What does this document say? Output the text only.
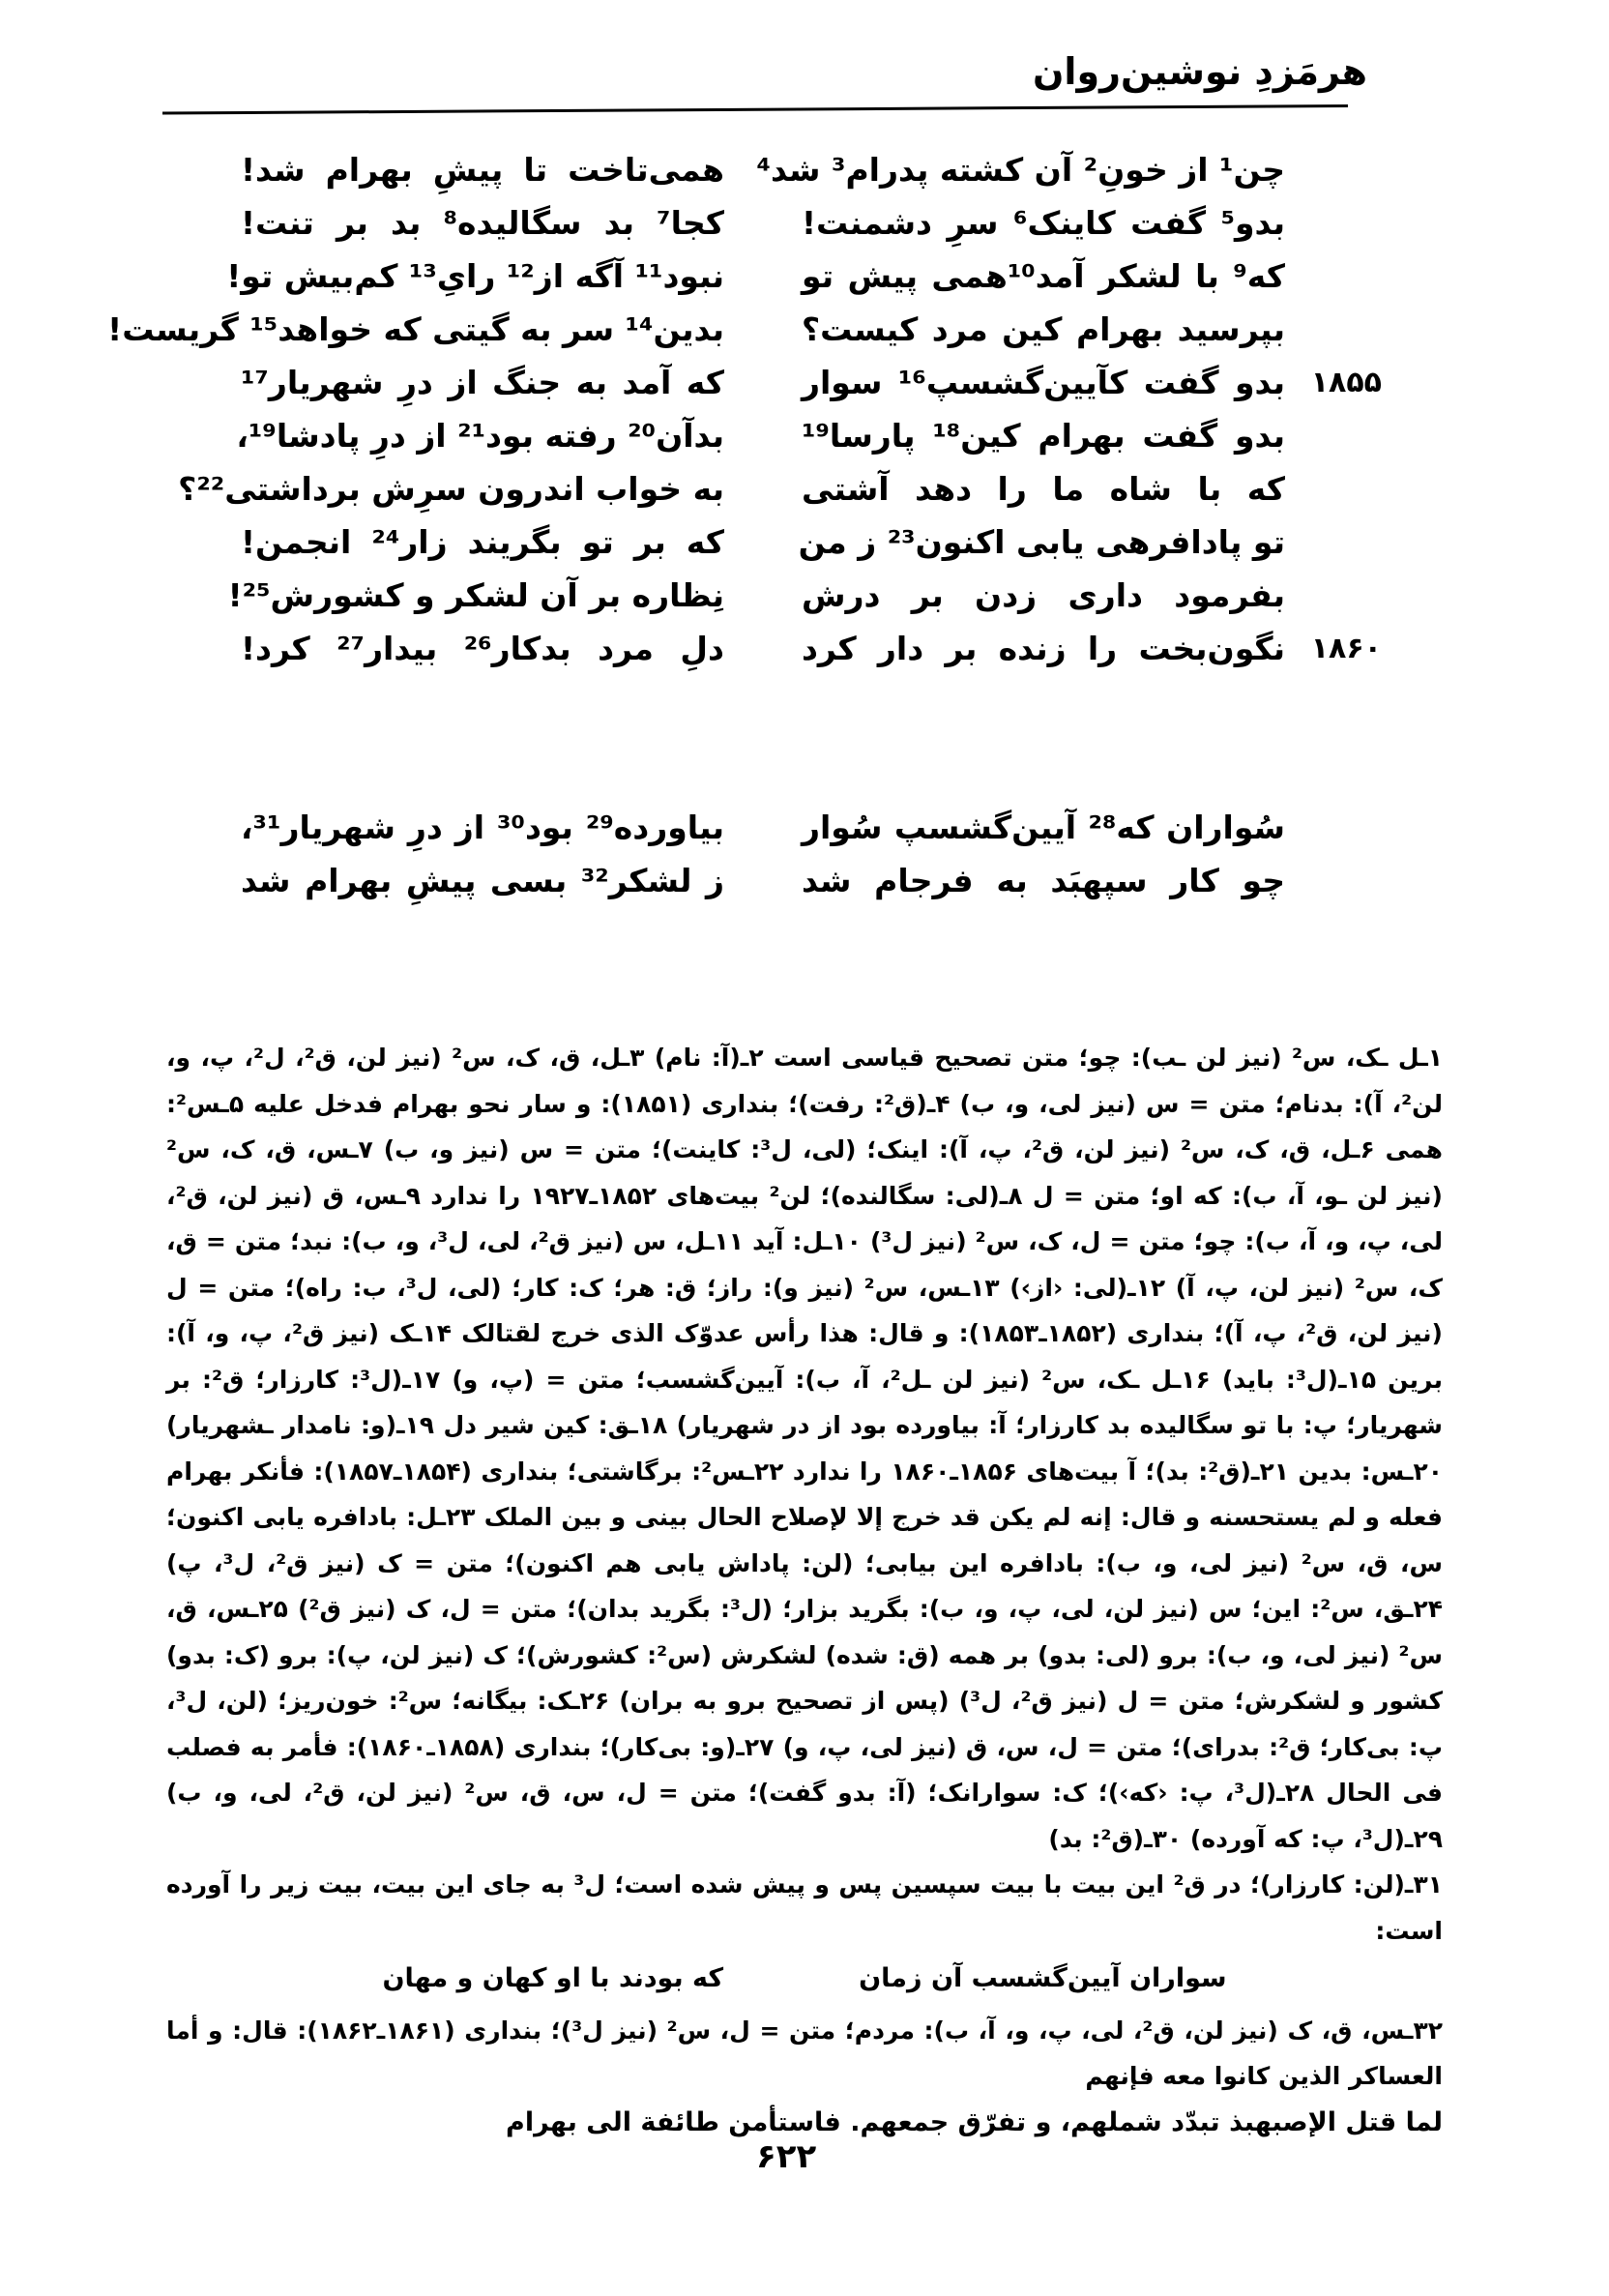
هرمَزدِ نوشین‌روان
چن¹ از خونِ² آن کشته پدرام³ شد⁴
بدو⁵ گفت کاینک⁶ سرِ دشمنت!
که⁹ با لشکر آمد¹⁰همی پیش تو
بپرسید بهرام کین مرد کیست؟
۱۸۵۵
بدو گفت کآیین‌گشسپ¹⁶ سوار
بدو گفت بهرام کین¹⁸ پارسا¹⁹
که با شاه ما را دهد آشتی
تو پادافرهی یابی اکنون²³ ز من
بفرمود داری زدن بر درش
۱۸۶۰
نگون‌بخت را زنده بر دار کرد
همی‌تاخت تا پیشِ بهرام شد!
کجا⁷ بد سگالیده⁸ بد بر تنت!
نبود¹¹ آگه از¹² رایِ¹³ کم‌بیش تو!
بدین¹⁴ سر به گیتی که خواهد¹⁵ گریست!
که آمد به جنگ از درِ شهریار¹⁷
بدآن²⁰ رفته بود²¹ از درِ پادشا¹⁹،
به خواب اندرون سرِش برداشتی²²؟
که بر تو بگریند زار²⁴ انجمن!
نِظاره بر آن لشکر و کشورش²⁵!
دلِ مرد بدکار²⁶ بیدار²⁷ کرد!
سُواران که²⁸ آیین‌گشسپ سُوار
چو کار سپهبَد به فرجام شد
بیاورده²⁹ بود³⁰ از درِ شهریار³¹،
ز لشکر³² بسی پیشِ بهرام شد

۱ـل ـک، س² (نیز لن ـب): چو؛ متن تصحیح قیاسی است ۲ـ(آ: نام) ۳ـل، ق، ک، س² (نیز لن، ق²، ل²، پ، و، لن²، آ): بدنام؛ متن = س (نیز لی، و، ب) ۴ـ(ق²: رفت)؛ بنداری (۱۸۵۱): و سار نحو بهرام فدخل علیه ۵ـس²: همی ۶ـل، ق، ک، س² (نیز لن، ق²، پ، آ): اینک؛ (لی، ل³: کاینت)؛ متن = س (نیز و، ب) ۷ـس، ق، ک، س² (نیز لن ـو، آ، ب): که او؛ متن = ل ۸ـ(لی: سگالنده)؛ لن² بیت‌های ۱۸۵۲ـ۱۹۲۷ را ندارد ۹ـس، ق (نیز لن، ق²، لی، پ، و، آ، ب): چو؛ متن = ل، ک، س² (نیز ل³) ۱۰ـل: آید ۱۱ـل، س (نیز ق²، لی، ل³، و، ب): نبد؛ متن = ق، ک، س² (نیز لن، پ، آ) ۱۲ـ(لی: ‹از›) ۱۳ـس، س² (نیز و): راز؛ ق: هر؛ ک: کار؛ (لی، ل³، ب: راه)؛ متن = ل (نیز لن، ق²، پ، آ)؛ بنداری (۱۸۵۲ـ۱۸۵۳): و قال: هذا رأس عدوّک الذی خرج لقتالک ۱۴ـک (نیز ق²، پ، و، آ): برین ۱۵ـ(ل³: باید) ۱۶ـل ـک، س² (نیز لن ـل²، آ، ب): آیین‌گشسب؛ متن = (پ، و) ۱۷ـ(ل³: کارزار؛ ق²: بر شهریار؛ پ: با تو سگالیده بد کارزار؛ آ: بیاورده بود از در شهریار) ۱۸ـق: کین شیر دل ۱۹ـ(و: نامدار ـشهریار) ۲۰ـس: بدین ۲۱ـ(ق²: بد)؛ آ بیت‌های ۱۸۵۶ـ۱۸۶۰ را ندارد ۲۲ـس²: برگاشتی؛ بنداری (۱۸۵۴ـ۱۸۵۷): فأنکر بهرام فعله و لم یستحسنه و قال: إنه لم یکن قد خرج إلا لإصلاح الحال بینی و بین الملک ۲۳ـل: بادافره یابی اکنون؛ س، ق، س² (نیز لی، و، ب): بادافره این بیابی؛ (لن: پاداش یابی هم اکنون)؛ متن = ک (نیز ق²، ل³، پ) ۲۴ـق، س²: این؛ س (نیز لن، لی، پ، و، ب): بگرید بزار؛ (ل³: بگرید بدان)؛ متن = ل، ک (نیز ق²) ۲۵ـس، ق، س² (نیز لی، و، ب): برو (لی: بدو) بر همه (ق: شده) لشکرش (س²: کشورش)؛ ک (نیز لن، پ): برو (ک: بدو) کشور و لشکرش؛ متن = ل (نیز ق²، ل³) (پس از تصحیح برو به بران) ۲۶ـک: بیگانه؛ س²: خون‌ریز؛ (لن، ل³، پ: بی‌کار؛ ق²: بدرای)؛ متن = ل، س، ق (نیز لی، پ، و) ۲۷ـ(و: بی‌کار)؛ بنداری (۱۸۵۸ـ۱۸۶۰): فأمر به فصلب فی الحال ۲۸ـ(ل³، پ: ‹که›)؛ ک: سوارانک؛ (آ: بدو گفت)؛ متن = ل، س، ق، س² (نیز لن، ق²، لی، و، ب) ۲۹ـ(ل³، پ: که آورده) ۳۰ـ(ق²: بد)

۳۱ـ(لن: کارزار)؛ در ق² این بیت با بیت سپسین پس و پیش شده است؛ ل³ به جای این بیت، بیت زیر را آورده است:

سواران آیین‌گشسب آن زمان
که بودند با او کهان و مهان

۳۲ـس، ق، ک (نیز لن، ق²، لی، پ، و، آ، ب): مردم؛ متن = ل، س² (نیز ل³)؛ بنداری (۱۸۶۱ـ۱۸۶۲): قال: و أما العساکر الذین کانوا معه فإنهم

لما قتل الإصبهبذ تبدّد شملهم، و تفرّق جمعهم. فاستأمن طائفة الی بهرام

۶۲۲
